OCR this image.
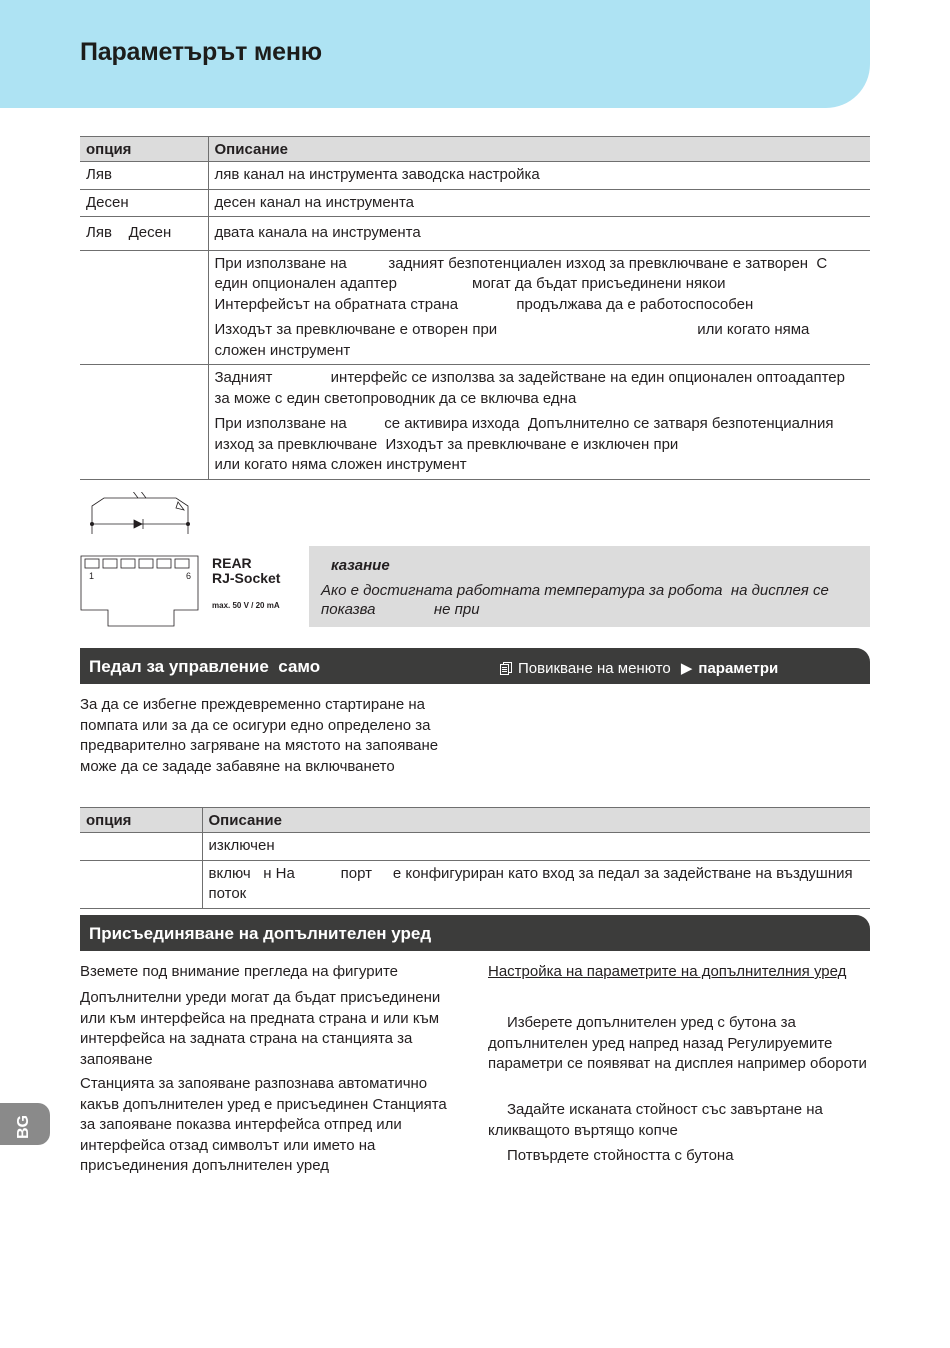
Параметърът меню
опция	Описание
Ляв	ляв канал на инструмента заводска настройка

Десен	десен канал на инструмента

Ляв    Десен	двата канала на инструмента

	При използване на          задният безпотенциален изход за превключване е затворен  С един опционален адаптер                  могат да бъдат присъединени някои                  Интерфейсът на обратната страна              продължава да е работоспособен

Изходът за превключване е отворен при                                                или когато няма сложен инструмент

	Задният              интерфейс се използва за задействане на един опционален оптоадаптер  за може с един светопроводник да се включва една

При използване на         се активира изхода  Допълнително се затваря безпотенциалния изход за превключване  Изходът за превключване е изключен при                                          или когато няма сложен инструмент

1	6
REAR
RJ-Socket
max. 50 V / 20 mA
казание
Ако е достигната работната температура за робота  на дисплея се показва              не при
Педал за управление  само	Повикване на менюто ▶ параметри

За да се избегне преждевременно стартиране на помпата или за да се осигури едно определено за предварително загряване на мястото на запояване може да се зададе забавяне на включването

опция	Описание

	изключен

	включ   н На           порт     е конфигуриран като вход за педал за задействане на въздушния поток

Присъединяване на допълнителен уред

Вземете под внимание прегледа на фигурите

Допълнителни уреди могат да бъдат присъединени или към интерфейса на предната страна и или към интерфейса на задната страна на станцията за запояване

Станцията за запояване разпознава автоматично какъв допълнителен уред е присъединен Станцията за запояване показва интерфейса отпред или интерфейса отзад символът или името на присъединения допълнителен уред

Настройка на параметрите на допълнителния уред

Изберете допълнителен уред с бутона за допълнителен уред напред назад Регулируемите параметри се появяват на дисплея например обороти

Задайте исканата стойност със завъртане на кликващото въртящо копче

Потвърдете стойността с бутона

BG
